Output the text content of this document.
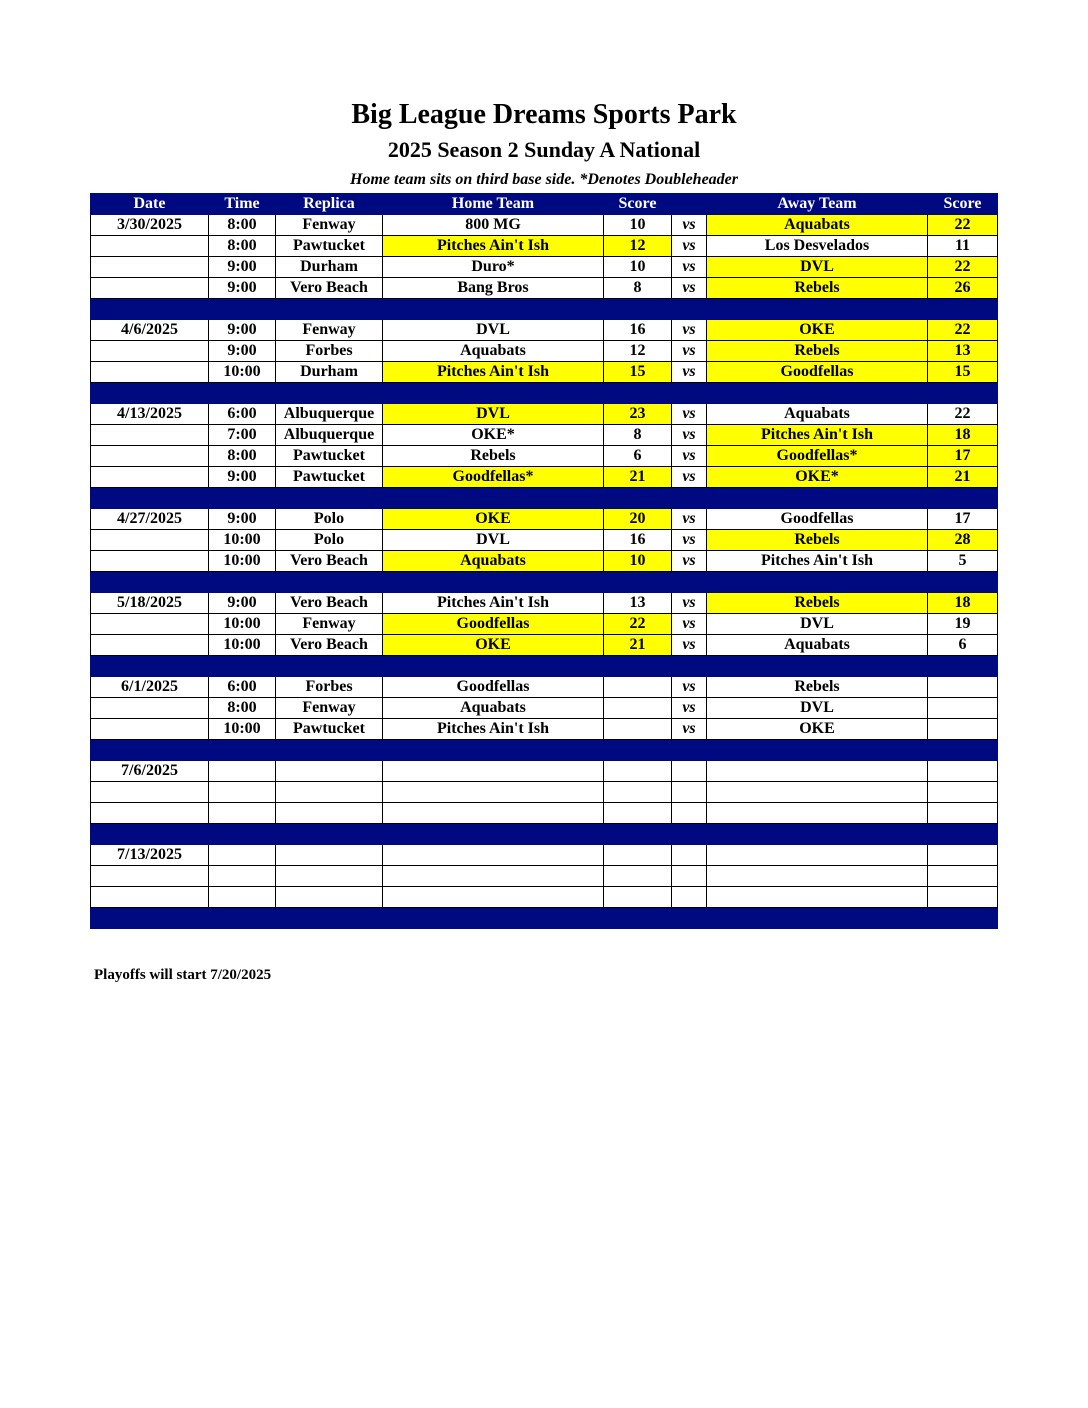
Big League Dreams Sports Park
2025 Season 2 Sunday A National
Home team sits on third base side. *Denotes Doubleheader
Date	Time	Replica	Home Team	Score		Away Team	Score
3/30/2025	8:00	Fenway	800 MG	10	vs	Aquabats	22
	8:00	Pawtucket	Pitches Ain't Ish	12	vs	Los Desvelados	11
	9:00	Durham	Duro*	10	vs	DVL	22
	9:00	Vero Beach	Bang Bros	8	vs	Rebels	26

4/6/2025	9:00	Fenway	DVL	16	vs	OKE	22
	9:00	Forbes	Aquabats	12	vs	Rebels	13
	10:00	Durham	Pitches Ain't Ish	15	vs	Goodfellas	15

4/13/2025	6:00	Albuquerque	DVL	23	vs	Aquabats	22
	7:00	Albuquerque	OKE*	8	vs	Pitches Ain't Ish	18
	8:00	Pawtucket	Rebels	6	vs	Goodfellas*	17
	9:00	Pawtucket	Goodfellas*	21	vs	OKE*	21

4/27/2025	9:00	Polo	OKE	20	vs	Goodfellas	17
	10:00	Polo	DVL	16	vs	Rebels	28
	10:00	Vero Beach	Aquabats	10	vs	Pitches Ain't Ish	5

5/18/2025	9:00	Vero Beach	Pitches Ain't Ish	13	vs	Rebels	18
	10:00	Fenway	Goodfellas	22	vs	DVL	19
	10:00	Vero Beach	OKE	21	vs	Aquabats	6

6/1/2025	6:00	Forbes	Goodfellas		vs	Rebels	
	8:00	Fenway	Aquabats		vs	DVL	
	10:00	Pawtucket	Pitches Ain't Ish		vs	OKE	

7/6/2025							

7/13/2025							

Playoffs will start 7/20/2025
